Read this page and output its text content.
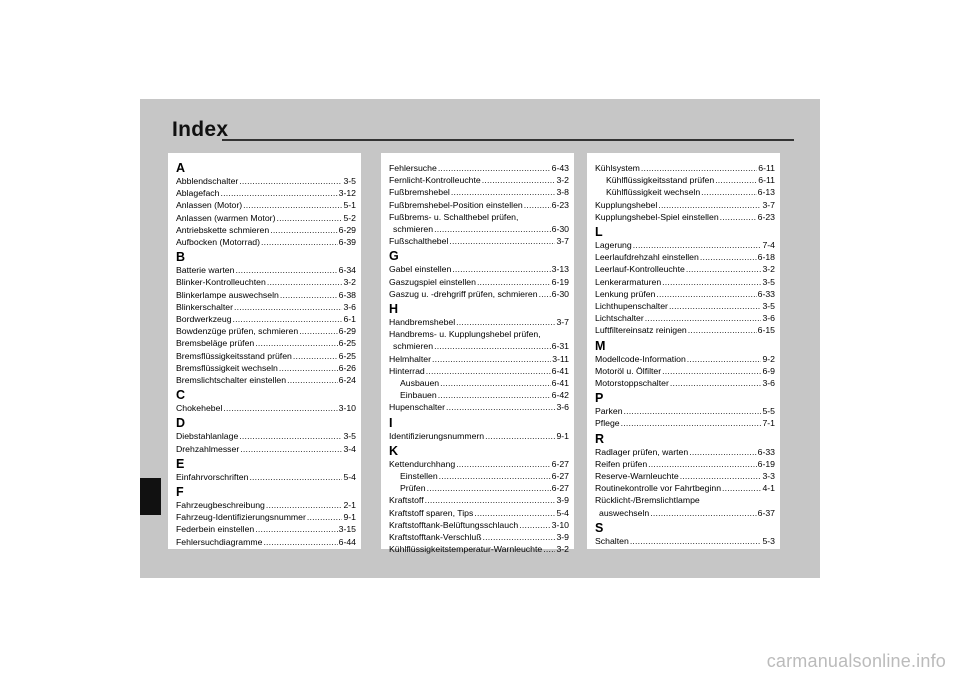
Index
A
Abblendschalter .....	3-5
Ablagefach .....	3-12
Anlassen (Motor) .....	5-1
Anlassen (warmen Motor) .....	5-2
Antriebskette schmieren .....	6-29
Aufbocken (Motorrad) .....	6-39
B
Batterie warten .....	6-34
Blinker-Kontrolleuchten .....	3-2
Blinkerlampe auswechseln .....	6-38
Blinkerschalter .....	3-6
Bordwerkzeug .....	6-1
Bowdenzüge prüfen, schmieren .....	6-29
Bremsbeläge prüfen .....	6-25
Bremsflüssigkeitsstand prüfen .....	6-25
Bremsflüssigkeit wechseln .....	6-26
Bremslichtschalter einstellen .....	6-24
C
Chokehebel .....	3-10
D
Diebstahlanlage .....	3-5
Drehzahlmesser .....	3-4
E
Einfahrvorschriften .....	5-4
F
Fahrzeugbeschreibung .....	2-1
Fahrzeug-Identifizierungsnummer .....	9-1
Federbein einstellen .....	3-15
Fehlersuchdiagramme .....	6-44
Fehlersuche .....	6-43
Fernlicht-Kontrolleuchte .....	3-2
Fußbremshebel .....	3-8
Fußbremshebel-Position einstellen .....	6-23
Fußbrems- u. Schalthebel prüfen,
schmieren .....	6-30
Fußschalthebel .....	3-7
G
Gabel einstellen .....	3-13
Gaszugspiel einstellen .....	6-19
Gaszug u. -drehgriff prüfen, schmieren ..... 6-30
H
Handbremshebel .....	3-7
Handbrems- u. Kupplungshebel prüfen,
schmieren .....	6-31
Helmhalter .....	3-11
Hinterrad .....	6-41
Ausbauen .....	6-41
Einbauen .....	6-42
Hupenschalter .....	3-6
I
Identifizierungsnummern .....	9-1
K
Kettendurchhang .....	6-27
Einstellen .....	6-27
Prüfen .....	6-27
Kraftstoff .....	3-9
Kraftstoff sparen, Tips .....	5-4
Kraftstofftank-Belüftungsschlauch .....	3-10
Kraftstofftank-Verschluß .....	3-9
Kühlflüssigkeitstemperatur-Warnleuchte ..... 3-2
Kühlsystem .....	6-11
Kühlflüssigkeitsstand prüfen .....	6-11
Kühlflüssigkeit wechseln .....	6-13
Kupplungshebel .....	3-7
Kupplungshebel-Spiel einstellen .....	6-23
L
Lagerung .....	7-4
Leerlaufdrehzahl einstellen .....	6-18
Leerlauf-Kontrolleuchte .....	3-2
Lenkerarmaturen .....	3-5
Lenkung prüfen .....	6-33
Lichthupenschalter .....	3-5
Lichtschalter .....	3-6
Luftfiltereinsatz reinigen .....	6-15
M
Modellcode-Information .....	9-2
Motoröl u. Ölfilter .....	6-9
Motorstoppschalter .....	3-6
P
Parken .....	5-5
Pflege .....	7-1
R
Radlager prüfen, warten .....	6-33
Reifen prüfen .....	6-19
Reserve-Warnleuchte .....	3-3
Routinekontrolle vor Fahrtbeginn .....	4-1
Rücklicht-/Bremslichtlampe
auswechseln .....	6-37
S
Schalten .....	5-3
carmanualsonline.info
